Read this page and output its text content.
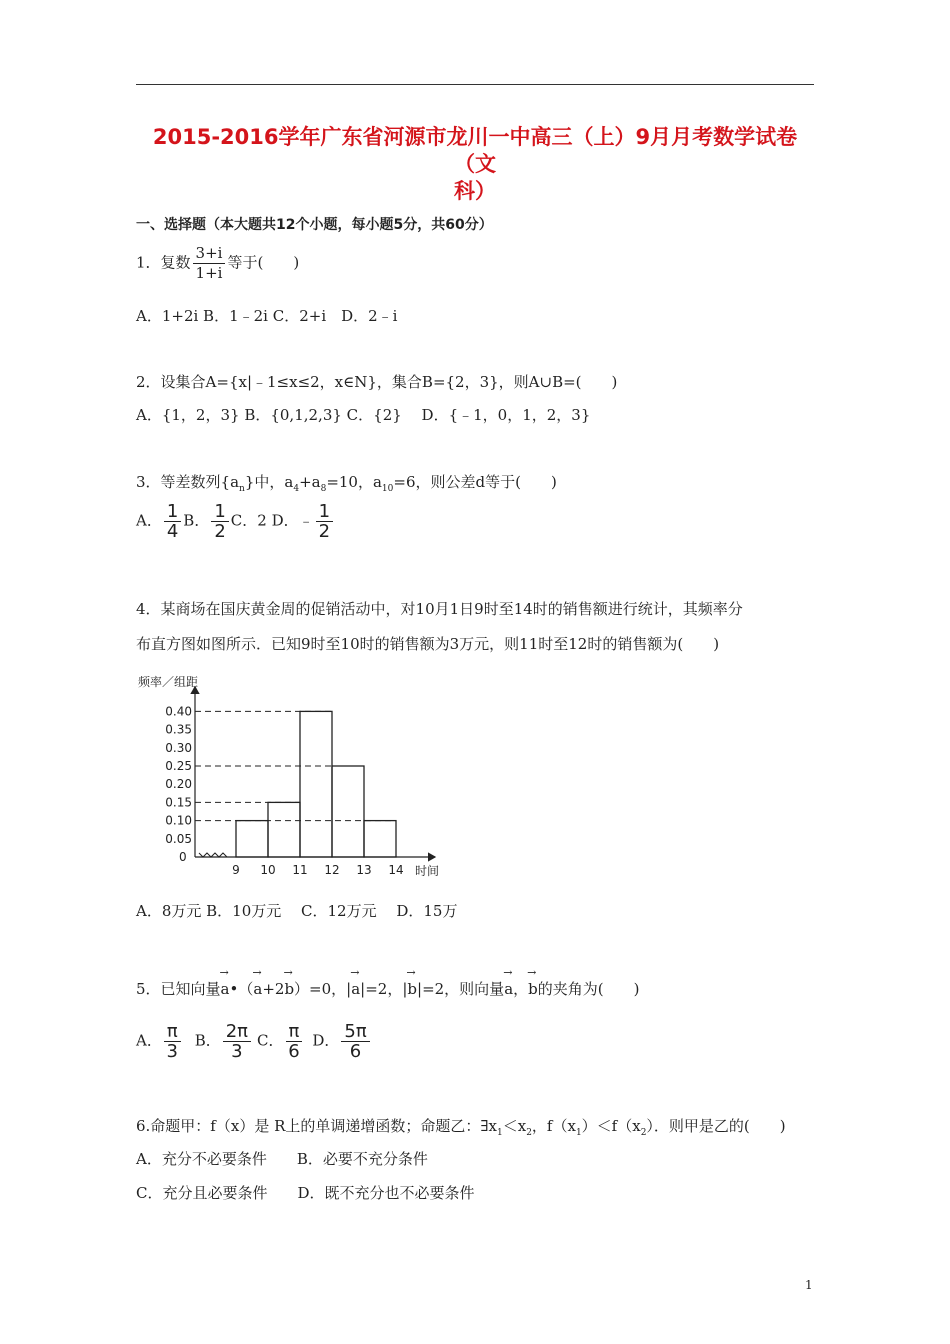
2015-2016学年广东省河源市龙川一中高三（上）9月月考数学试卷（文
科）
一、选择题（本大题共12个小题，每小题5分，共60分）
1．复数 $\frac{3+i}{1+i}$ 等于(　　)
A．1+2i B．1﹣2i C．2+i　D．2﹣i
2．设集合A={x|﹣1≤x≤2，x∈N}，集合B={2，3}，则A∪B=(　　)
A．{1，2，3} B．{0,1,2,3} C．{2}　 D．{﹣1，0，1，2，3}
3．等差数列$\{a_n\}$中，$a_4+a_8=10$，$a_{10}=6$，则公差d等于(　　)
A． $\frac{1}{4}$ B． $\frac{1}{2}$ C．2 D．﹣ $\frac{1}{2}$
4．某商场在国庆黄金周的促销活动中，对10月1日9时至14时的销售额进行统计，其频率分
布直方图如图所示．已知9时至10时的销售额为3万元，则11时至12时的销售额为(　　)
频率／组距
时间
0
0.40
0.35
0.30
0.25
0.20
0.15
0.10
0.05
9 10 11 12 13 14
A．8万元 B．10万元　 C．12万元　 D．15万
5．已知向量→ a•（→ a+2→ b）=0，|→ a|=2，|→ b|=2，则向量→ a，→ b的夹角为(　　)
A． $\frac{\pi}{3}$ B． $\frac{2\pi}{3}$ C． $\frac{\pi}{6}$ D． $\frac{5\pi}{6}$
6.命题甲：f（x）是 R上的单调递增函数；命题乙：$\exists x_1<x_2$，$f(x_1)<f(x_2)$．则甲是乙的(　　)
A．充分不必要条件　　B．必要不充分条件
C．充分且必要条件　　D．既不充分也不必要条件
1
